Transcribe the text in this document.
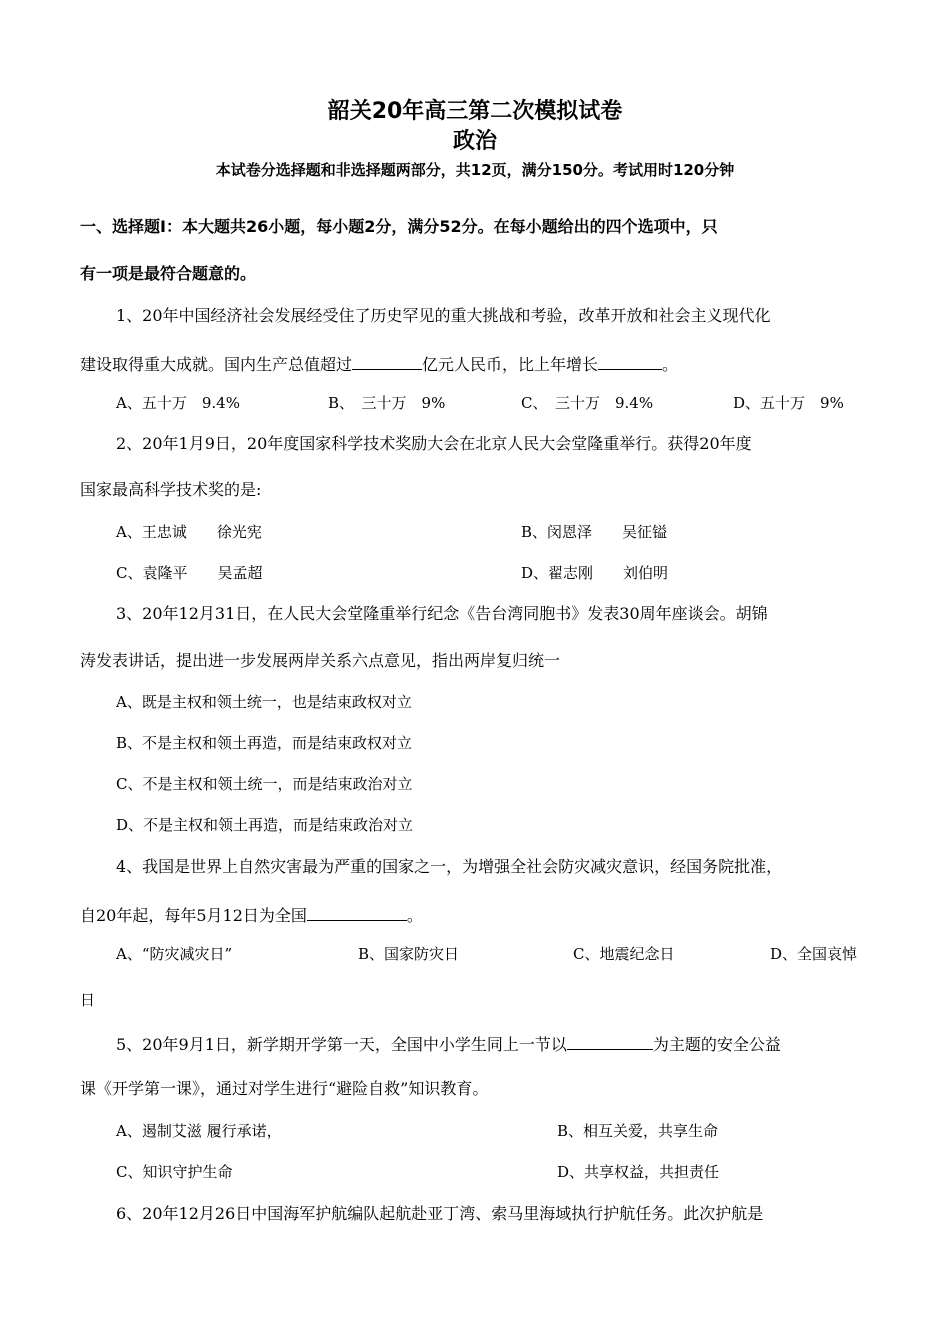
韶关20年高三第二次模拟试卷
政治
本试卷分选择题和非选择题两部分，共12页，满分150分。考试用时120分钟
一、选择题Ⅰ：本大题共26小题，每小题2分，满分52分。在每小题给出的四个选项中，只
有一项是最符合题意的。
1、20年中国经济社会发展经受住了历史罕见的重大挑战和考验，改革开放和社会主义现代化
建设取得重大成就。国内生产总值超过	亿元人民币，比上年增长	。
A、五十万　9.4%	B、　三十万　9%	C、　三十万　9.4%	D、五十万　9%
2、20年1月9日，20年度国家科学技术奖励大会在北京人民大会堂隆重举行。获得20年度
国家最高科学技术奖的是:
A、王忠诚　　徐光宪	B、闵恩泽　　吴征镒
C、袁隆平　　吴孟超	D、翟志刚　　刘伯明
3、20年12月31日，在人民大会堂隆重举行纪念《告台湾同胞书》发表30周年座谈会。胡锦
涛发表讲话，提出进一步发展两岸关系六点意见，指出两岸复归统一
A、既是主权和领土统一，也是结束政权对立
B、不是主权和领土再造，而是结束政权对立
C、不是主权和领土统一，而是结束政治对立
D、不是主权和领土再造，而是结束政治对立
4、我国是世界上自然灾害最为严重的国家之一，为增强全社会防灾减灾意识，经国务院批准，
自20年起，每年5月12日为全国	。
A、“防灾减灾日”	B、国家防灾日	C、地震纪念日	D、全国哀悼
日
5、20年9月1日，新学期开学第一天，全国中小学生同上一节以	为主题的安全公益
课《开学第一课》，通过对学生进行“避险自救”知识教育。
A、遏制艾滋 履行承诺，	B、相互关爱，共享生命
C、知识守护生命	D、共享权益，共担责任
6、20年12月26日中国海军护航编队起航赴亚丁湾、索马里海域执行护航任务。此次护航是
